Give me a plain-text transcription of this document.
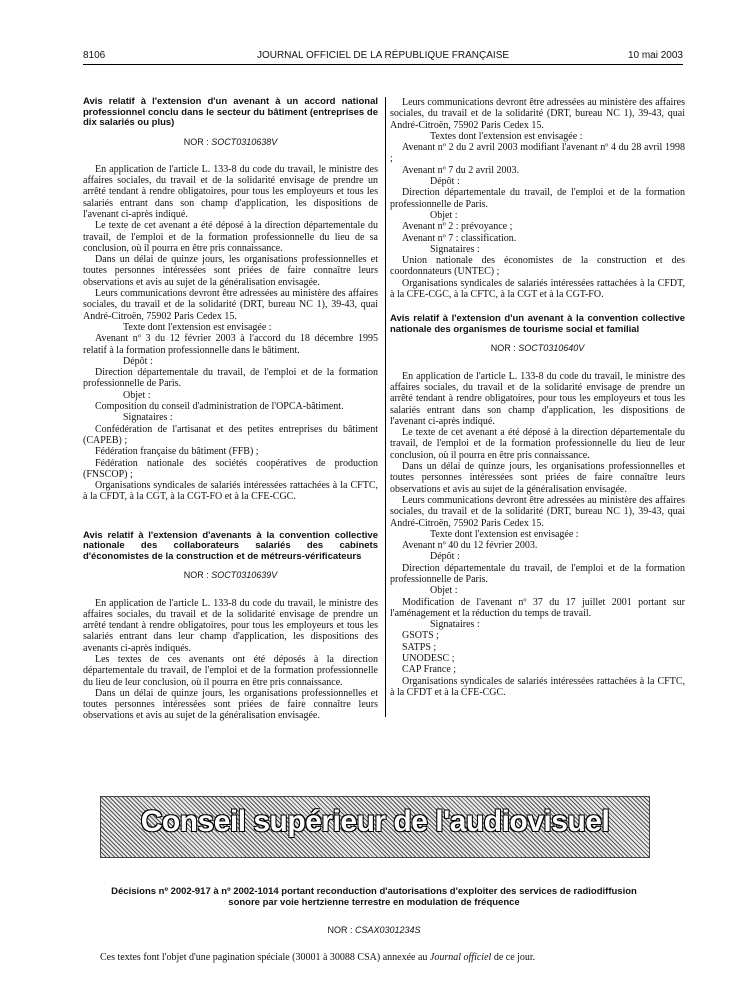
8106	JOURNAL OFFICIEL DE LA RÉPUBLIQUE FRANÇAISE	10 mai 2003
Avis relatif à l'extension d'un avenant à un accord national professionnel conclu dans le secteur du bâtiment (entreprises de dix salariés ou plus)
NOR : SOCT0310638V

En application de l'article L. 133-8 du code du travail, le ministre des affaires sociales, du travail et de la solidarité envisage de prendre un arrêté tendant à rendre obligatoires, pour tous les employeurs et tous les salariés entrant dans son champ d'application, les dispositions de l'avenant ci-après indiqué.

Le texte de cet avenant a été déposé à la direction départementale du travail, de l'emploi et de la formation professionnelle du lieu de sa conclusion, où il pourra en être pris connaissance.

Dans un délai de quinze jours, les organisations professionnelles et toutes personnes intéressées sont priées de faire connaître leurs observations et avis au sujet de la généralisation envisagée.

Leurs communications devront être adressées au ministère des affaires sociales, du travail et de la solidarité (DRT, bureau NC 1), 39-43, quai André-Citroën, 75902 Paris Cedex 15.

Texte dont l'extension est envisagée :

Avenant nº 3 du 12 février 2003 à l'accord du 18 décembre 1995 relatif à la formation professionnelle dans le bâtiment.

Dépôt :

Direction départementale du travail, de l'emploi et de la formation professionnelle de Paris.

Objet :

Composition du conseil d'administration de l'OPCA-bâtiment.

Signataires :

Confédération de l'artisanat et des petites entreprises du bâtiment (CAPEB) ;

Fédération française du bâtiment (FFB) ;

Fédération nationale des sociétés coopératives de production (FNSCOP) ;

Organisations syndicales de salariés intéressées rattachées à la CFTC, à la CFDT, à la CGT, à la CGT-FO et à la CFE-CGC.

Avis relatif à l'extension d'avenants à la convention collective nationale des collaborateurs salariés des cabinets d'économistes de la construction et de métreurs-vérificateurs
NOR : SOCT0310639V

En application de l'article L. 133-8 du code du travail, le ministre des affaires sociales, du travail et de la solidarité envisage de prendre un arrêté tendant à rendre obligatoires, pour tous les employeurs et tous les salariés entrant dans leur champ d'application, les dispositions des avenants ci-après indiqués.

Les textes de ces avenants ont été déposés à la direction départementale du travail, de l'emploi et de la formation professionnelle du lieu de leur conclusion, où il pourra en être pris connaissance.

Dans un délai de quinze jours, les organisations professionnelles et toutes personnes intéressées sont priées de faire connaître leurs observations et avis au sujet de la généralisation envisagée.

Leurs communications devront être adressées au ministère des affaires sociales, du travail et de la solidarité (DRT, bureau NC 1), 39-43, quai André-Citroën, 75902 Paris Cedex 15.

Textes dont l'extension est envisagée :

Avenant nº 2 du 2 avril 2003 modifiant l'avenant nº 4 du 28 avril 1998 ;

Avenant nº 7 du 2 avril 2003.

Dépôt :

Direction départementale du travail, de l'emploi et de la formation professionnelle de Paris.

Objet :

Avenant nº 2 : prévoyance ;

Avenant nº 7 : classification.

Signataires :

Union nationale des économistes de la construction et des coordonnateurs (UNTEC) ;

Organisations syndicales de salariés intéressées rattachées à la CFDT, à la CFE-CGC, à la CFTC, à la CGT et à la CGT-FO.

Avis relatif à l'extension d'un avenant à la convention collective nationale des organismes de tourisme social et familial
NOR : SOCT0310640V

En application de l'article L. 133-8 du code du travail, le ministre des affaires sociales, du travail et de la solidarité envisage de prendre un arrêté tendant à rendre obligatoires, pour tous les employeurs et tous les salariés entrant dans son champ d'application, les dispositions de l'avenant ci-après indiqué.

Le texte de cet avenant a été déposé à la direction départementale du travail, de l'emploi et de la formation professionnelle du lieu de leur conclusion, où il pourra en être pris connaissance.

Dans un délai de quinze jours, les organisations professionnelles et toutes personnes intéressées sont priées de faire connaître leurs observations et avis au sujet de la généralisation envisagée.

Leurs communications devront être adressées au ministère des affaires sociales, du travail et de la solidarité (DRT, bureau NC 1), 39-43, quai André-Citroën, 75902 Paris Cedex 15.

Texte dont l'extension est envisagée :

Avenant nº 40 du 12 février 2003.

Dépôt :

Direction départementale du travail, de l'emploi et de la formation professionnelle de Paris.

Objet :

Modification de l'avenant nº 37 du 17 juillet 2001 portant sur l'aménagement et la réduction du temps de travail.

Signataires :

GSOTS ;

SATPS ;

UNODESC ;

CAP France ;

Organisations syndicales de salariés intéressées rattachées à la CFTC, à la CFDT et à la CFE-CGC.

Conseil supérieur de l'audiovisuel
Décisions nº 2002-917 à nº 2002-1014 portant reconduction d'autorisations d'exploiter des services de radiodiffusion sonore par voie hertzienne terrestre en modulation de fréquence
NOR : CSAX0301234S
Ces textes font l'objet d'une pagination spéciale (30001 à 30088 CSA) annexée au Journal officiel de ce jour.
